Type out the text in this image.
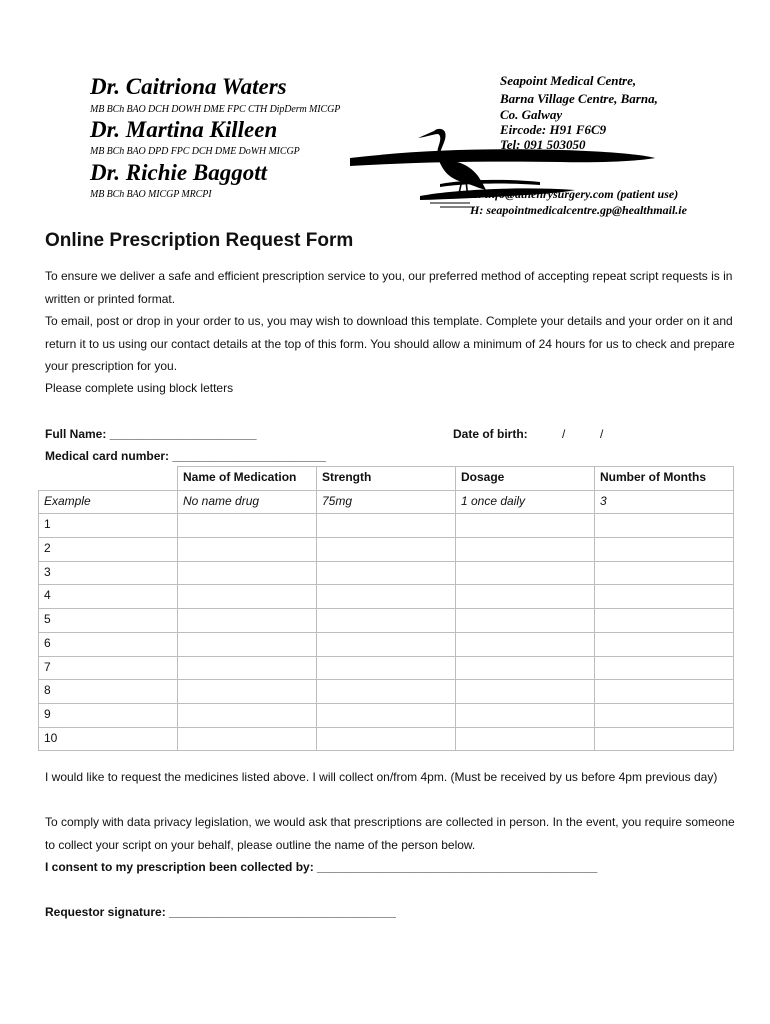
Dr. Caitriona Waters
MB BCh BAO DCH DOWH DME FPC CTH DipDerm MICGP
Dr. Martina Killeen
MB BCh BAO DPD FPC DCH DME DoWH MICGP
Dr. Richie Baggott
MB BCh BAO MICGP MRCPI
Seapoint Medical Centre,
Barna Village Centre, Barna,
Co. Galway
Eircode: H91 F6C9
Tel: 091 503050
E: info@athenrysurgery.com (patient use)
H: seapointmedicalcentre.gp@healthmail.ie
Online Prescription Request Form
To ensure we deliver a safe and efficient prescription service to you, our preferred method of accepting repeat script requests is in written or printed format.
To email, post or drop in your order to us, you may wish to download this template. Complete your details and your order on it and return it to us using our contact details at the top of this form. You should allow a minimum of 24 hours for us to check and prepare your prescription for you.
Please complete using block letters
Full Name: ______________________	Date of birth:	/	/
Medical card number: _______________________
	Name of Medication	Strength	Dosage	Number of Months
Example	No name drug	75mg	1 once daily	3
1				
2				
3				
4				
5				
6				
7				
8				
9				
10				
I would like to request the medicines listed above. I will collect on/from 4pm. (Must be received by us before 4pm previous day)
To comply with data privacy legislation, we would ask that prescriptions are collected in person. In the event, you require someone to collect your script on your behalf, please outline the name of the person below.
I consent to my prescription been collected by: __________________________________________
Requestor signature: __________________________________
